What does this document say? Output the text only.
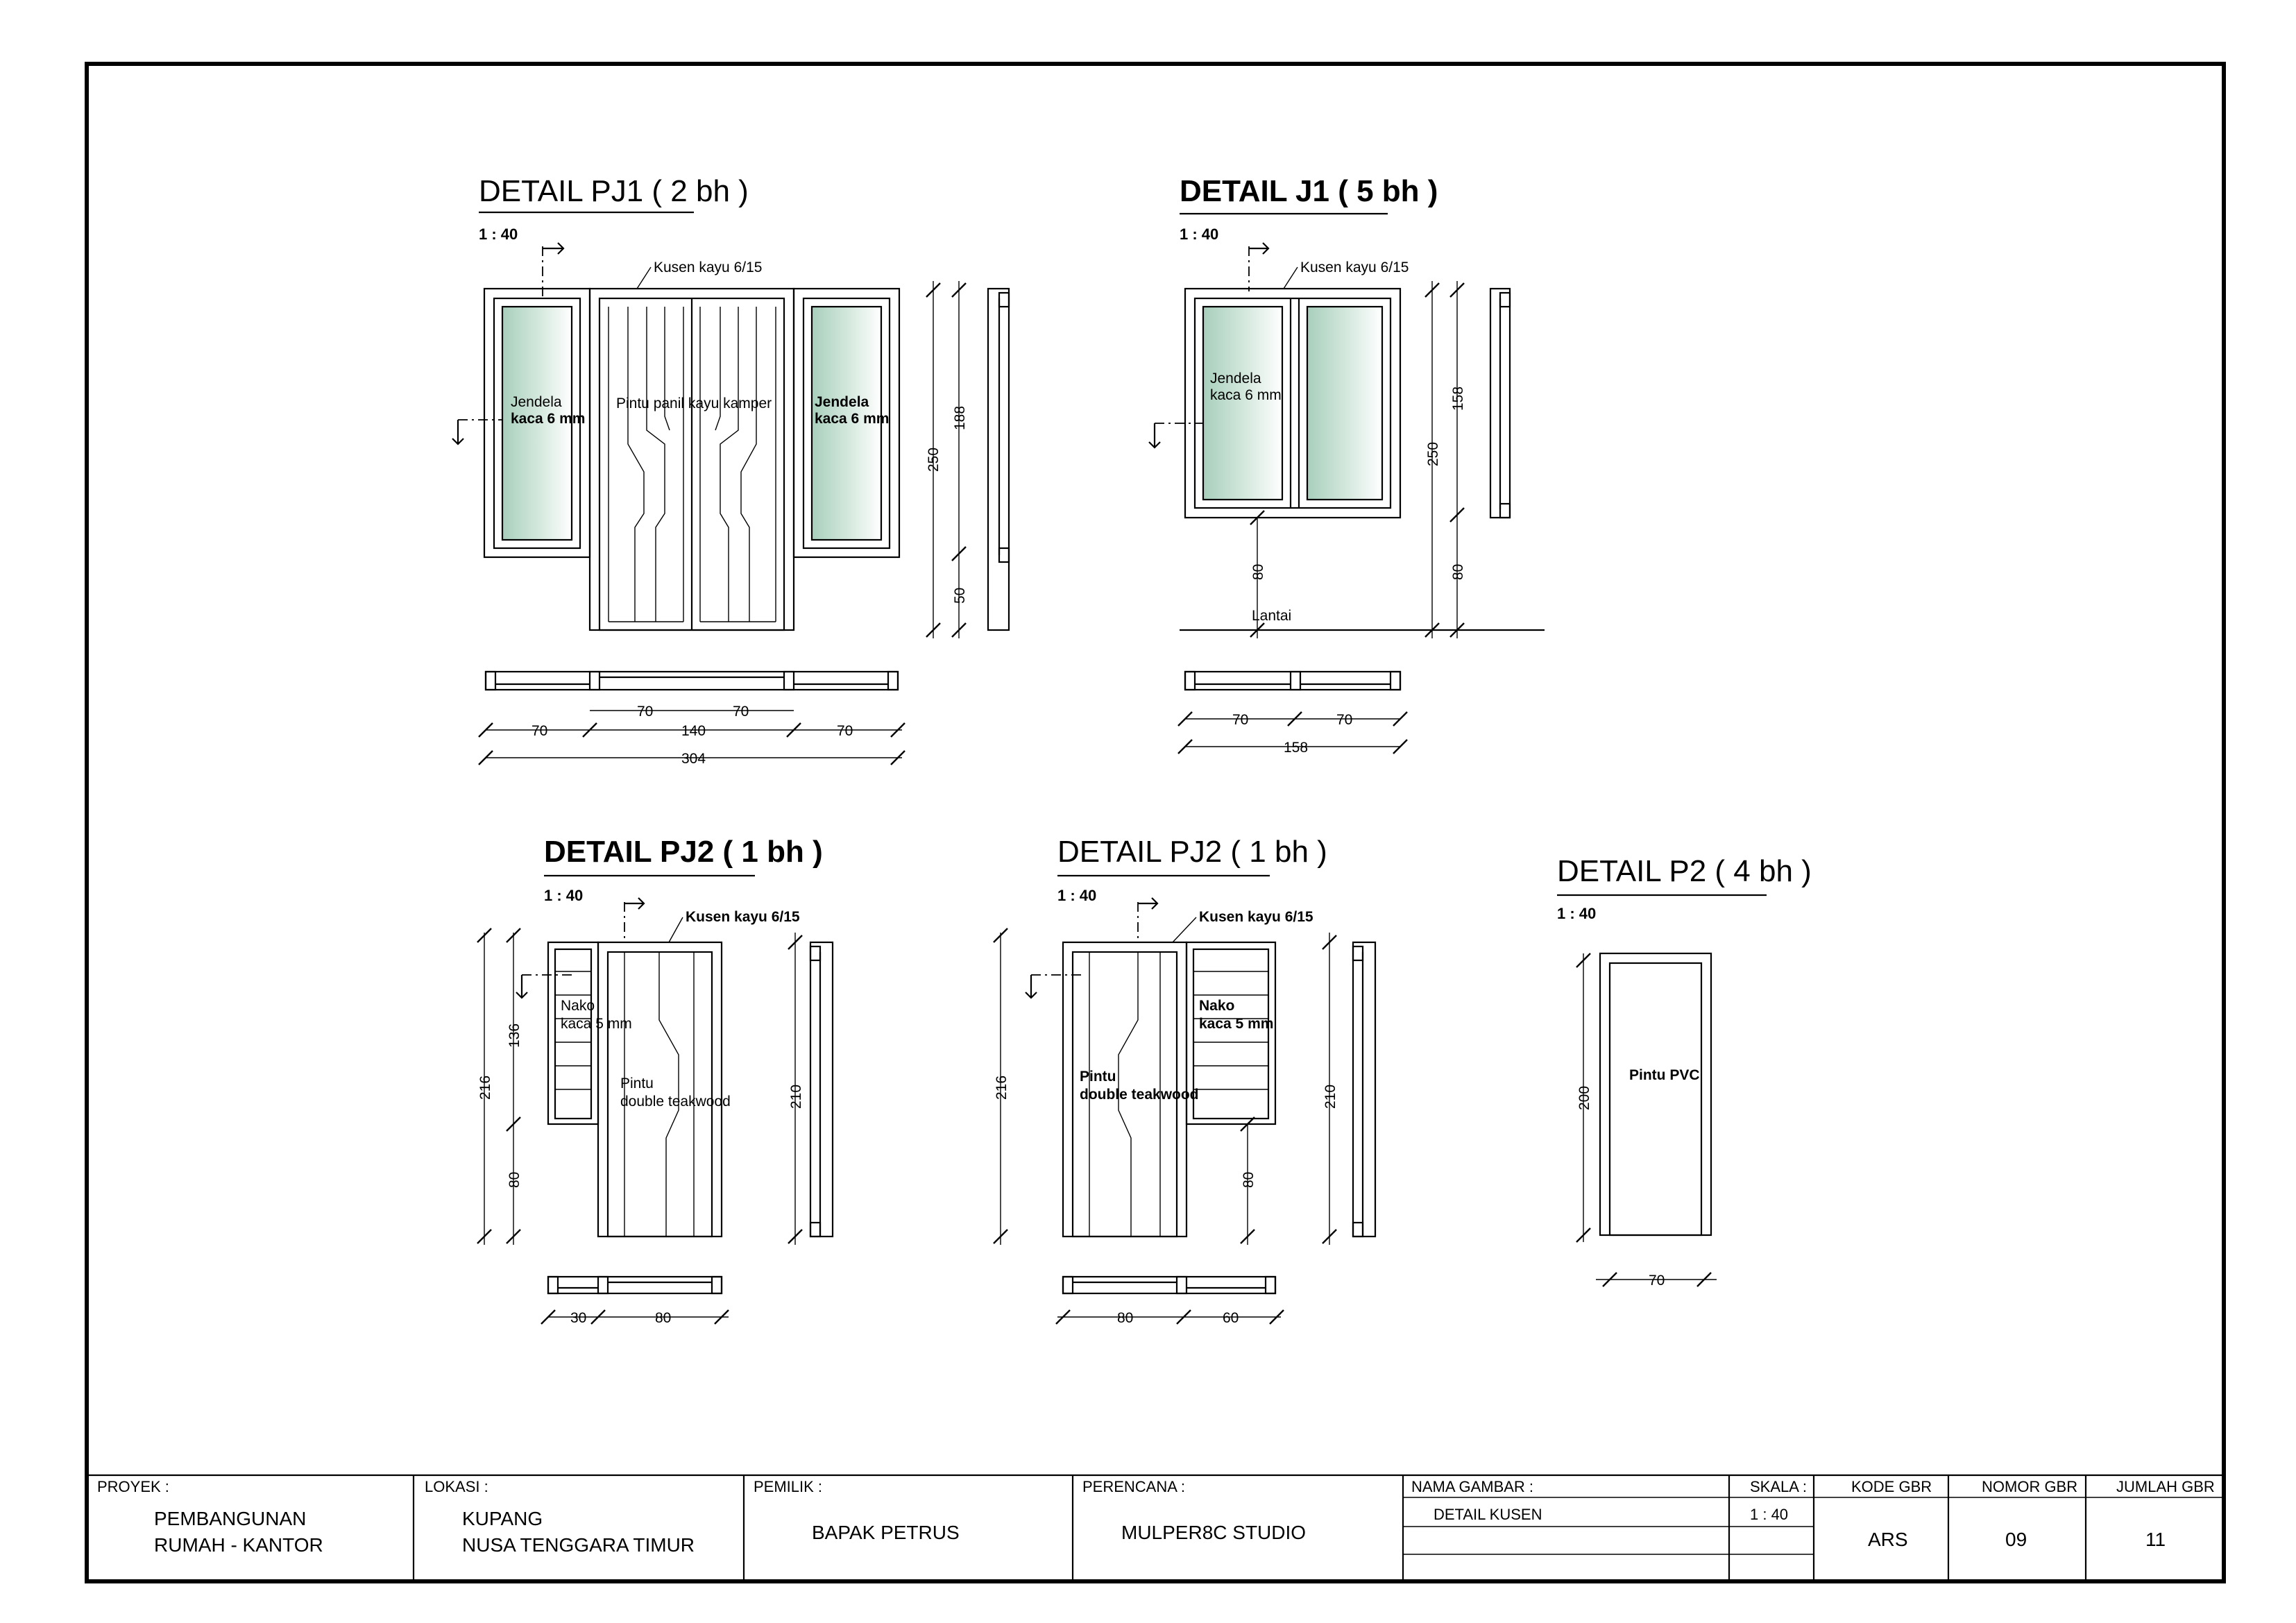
DETAIL PJ1 ( 2 bh )
1 : 40
Jendela
kaca 6 mm
Jendela
kaca 6 mm
Pintu panil kayu kamper
Kusen kayu 6/15
250
188
50
70
70	70
140	70
304
DETAIL J1 ( 5 bh )
1 : 40
Jendela
kaca 6 mm
Kusen kayu 6/15
Lantai
80
250
158
80
70	70
158
DETAIL PJ2 ( 1 bh )
1 : 40
Nako
kaca 5 mm
Pintu
double teakwood
Kusen kayu 6/15
216
136
80
210
30	80
DETAIL PJ2 ( 1 bh )
1 : 40
Nako
kaca 5 mm
Pintu
double teakwood
Kusen kayu 6/15
216
80
210
80	60
DETAIL P2 ( 4 bh )
1 : 40
Pintu PVC
200
70
PROYEK :
PEMBANGUNAN
RUMAH - KANTOR
LOKASI :
KUPANG
NUSA TENGGARA TIMUR
PEMILIK :
BAPAK PETRUS
PERENCANA :
MULPER8C STUDIO
NAMA GAMBAR :
DETAIL KUSEN
SKALA :
1 : 40
KODE GBR
ARS
NOMOR GBR
09
JUMLAH GBR
11
